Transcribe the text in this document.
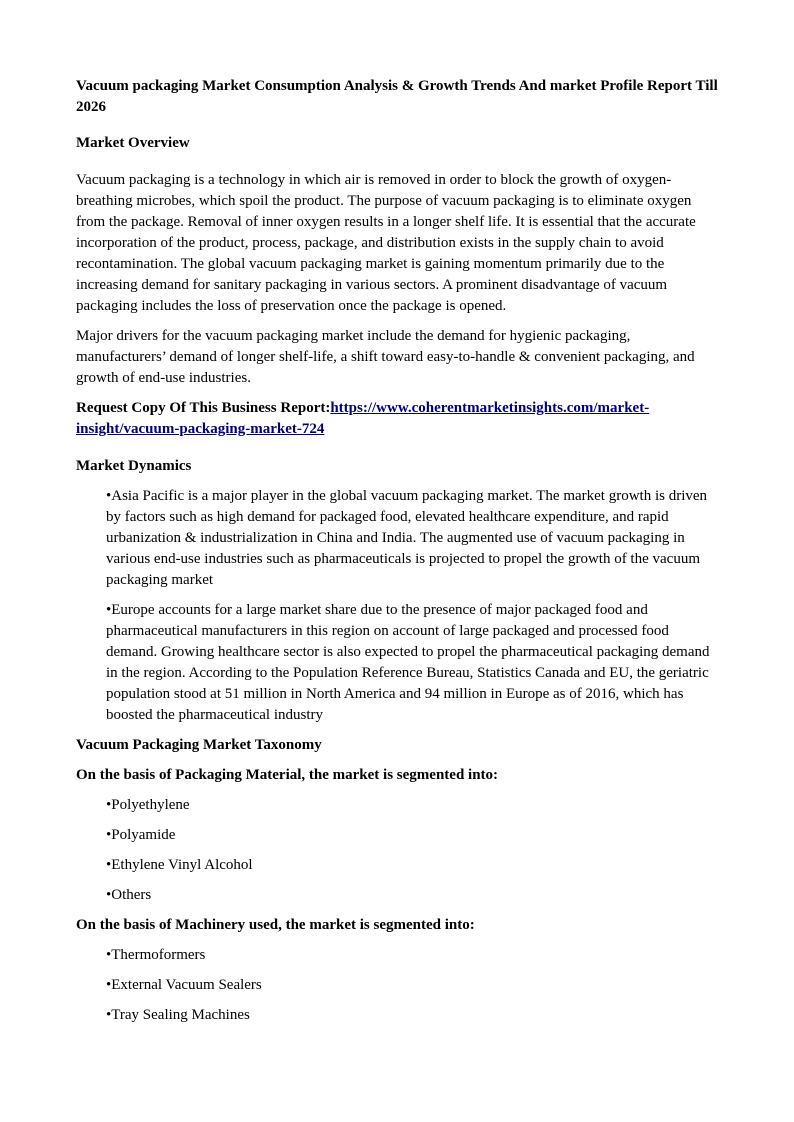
Vacuum packaging Market Consumption Analysis & Growth Trends And market Profile Report Till 2026

Market Overview

Vacuum packaging is a technology in which air is removed in order to block the growth of oxygen-breathing microbes, which spoil the product. The purpose of vacuum packaging is to eliminate oxygen from the package. Removal of inner oxygen results in a longer shelf life. It is essential that the accurate incorporation of the product, process, package, and distribution exists in the supply chain to avoid recontamination. The global vacuum packaging market is gaining momentum primarily due to the increasing demand for sanitary packaging in various sectors. A prominent disadvantage of vacuum packaging includes the loss of preservation once the package is opened.

Major drivers for the vacuum packaging market include the demand for hygienic packaging, manufacturers’ demand of longer shelf-life, a shift toward easy-to-handle & convenient packaging, and growth of end-use industries.

Request Copy Of This Business Report:https://www.coherentmarketinsights.com/market-insight/vacuum-packaging-market-724

Market Dynamics

•Asia Pacific is a major player in the global vacuum packaging market. The market growth is driven by factors such as high demand for packaged food, elevated healthcare expenditure, and rapid urbanization & industrialization in China and India. The augmented use of vacuum packaging in various end-use industries such as pharmaceuticals is projected to propel the growth of the vacuum packaging market

•Europe accounts for a large market share due to the presence of major packaged food and pharmaceutical manufacturers in this region on account of large packaged and processed food demand. Growing healthcare sector is also expected to propel the pharmaceutical packaging demand in the region. According to the Population Reference Bureau, Statistics Canada and EU, the geriatric population stood at 51 million in North America and 94 million in Europe as of 2016, which has boosted the pharmaceutical industry

Vacuum Packaging Market Taxonomy

On the basis of Packaging Material, the market is segmented into:

•Polyethylene

•Polyamide

•Ethylene Vinyl Alcohol

•Others

On the basis of Machinery used, the market is segmented into:

•Thermoformers

•External Vacuum Sealers

•Tray Sealing Machines
